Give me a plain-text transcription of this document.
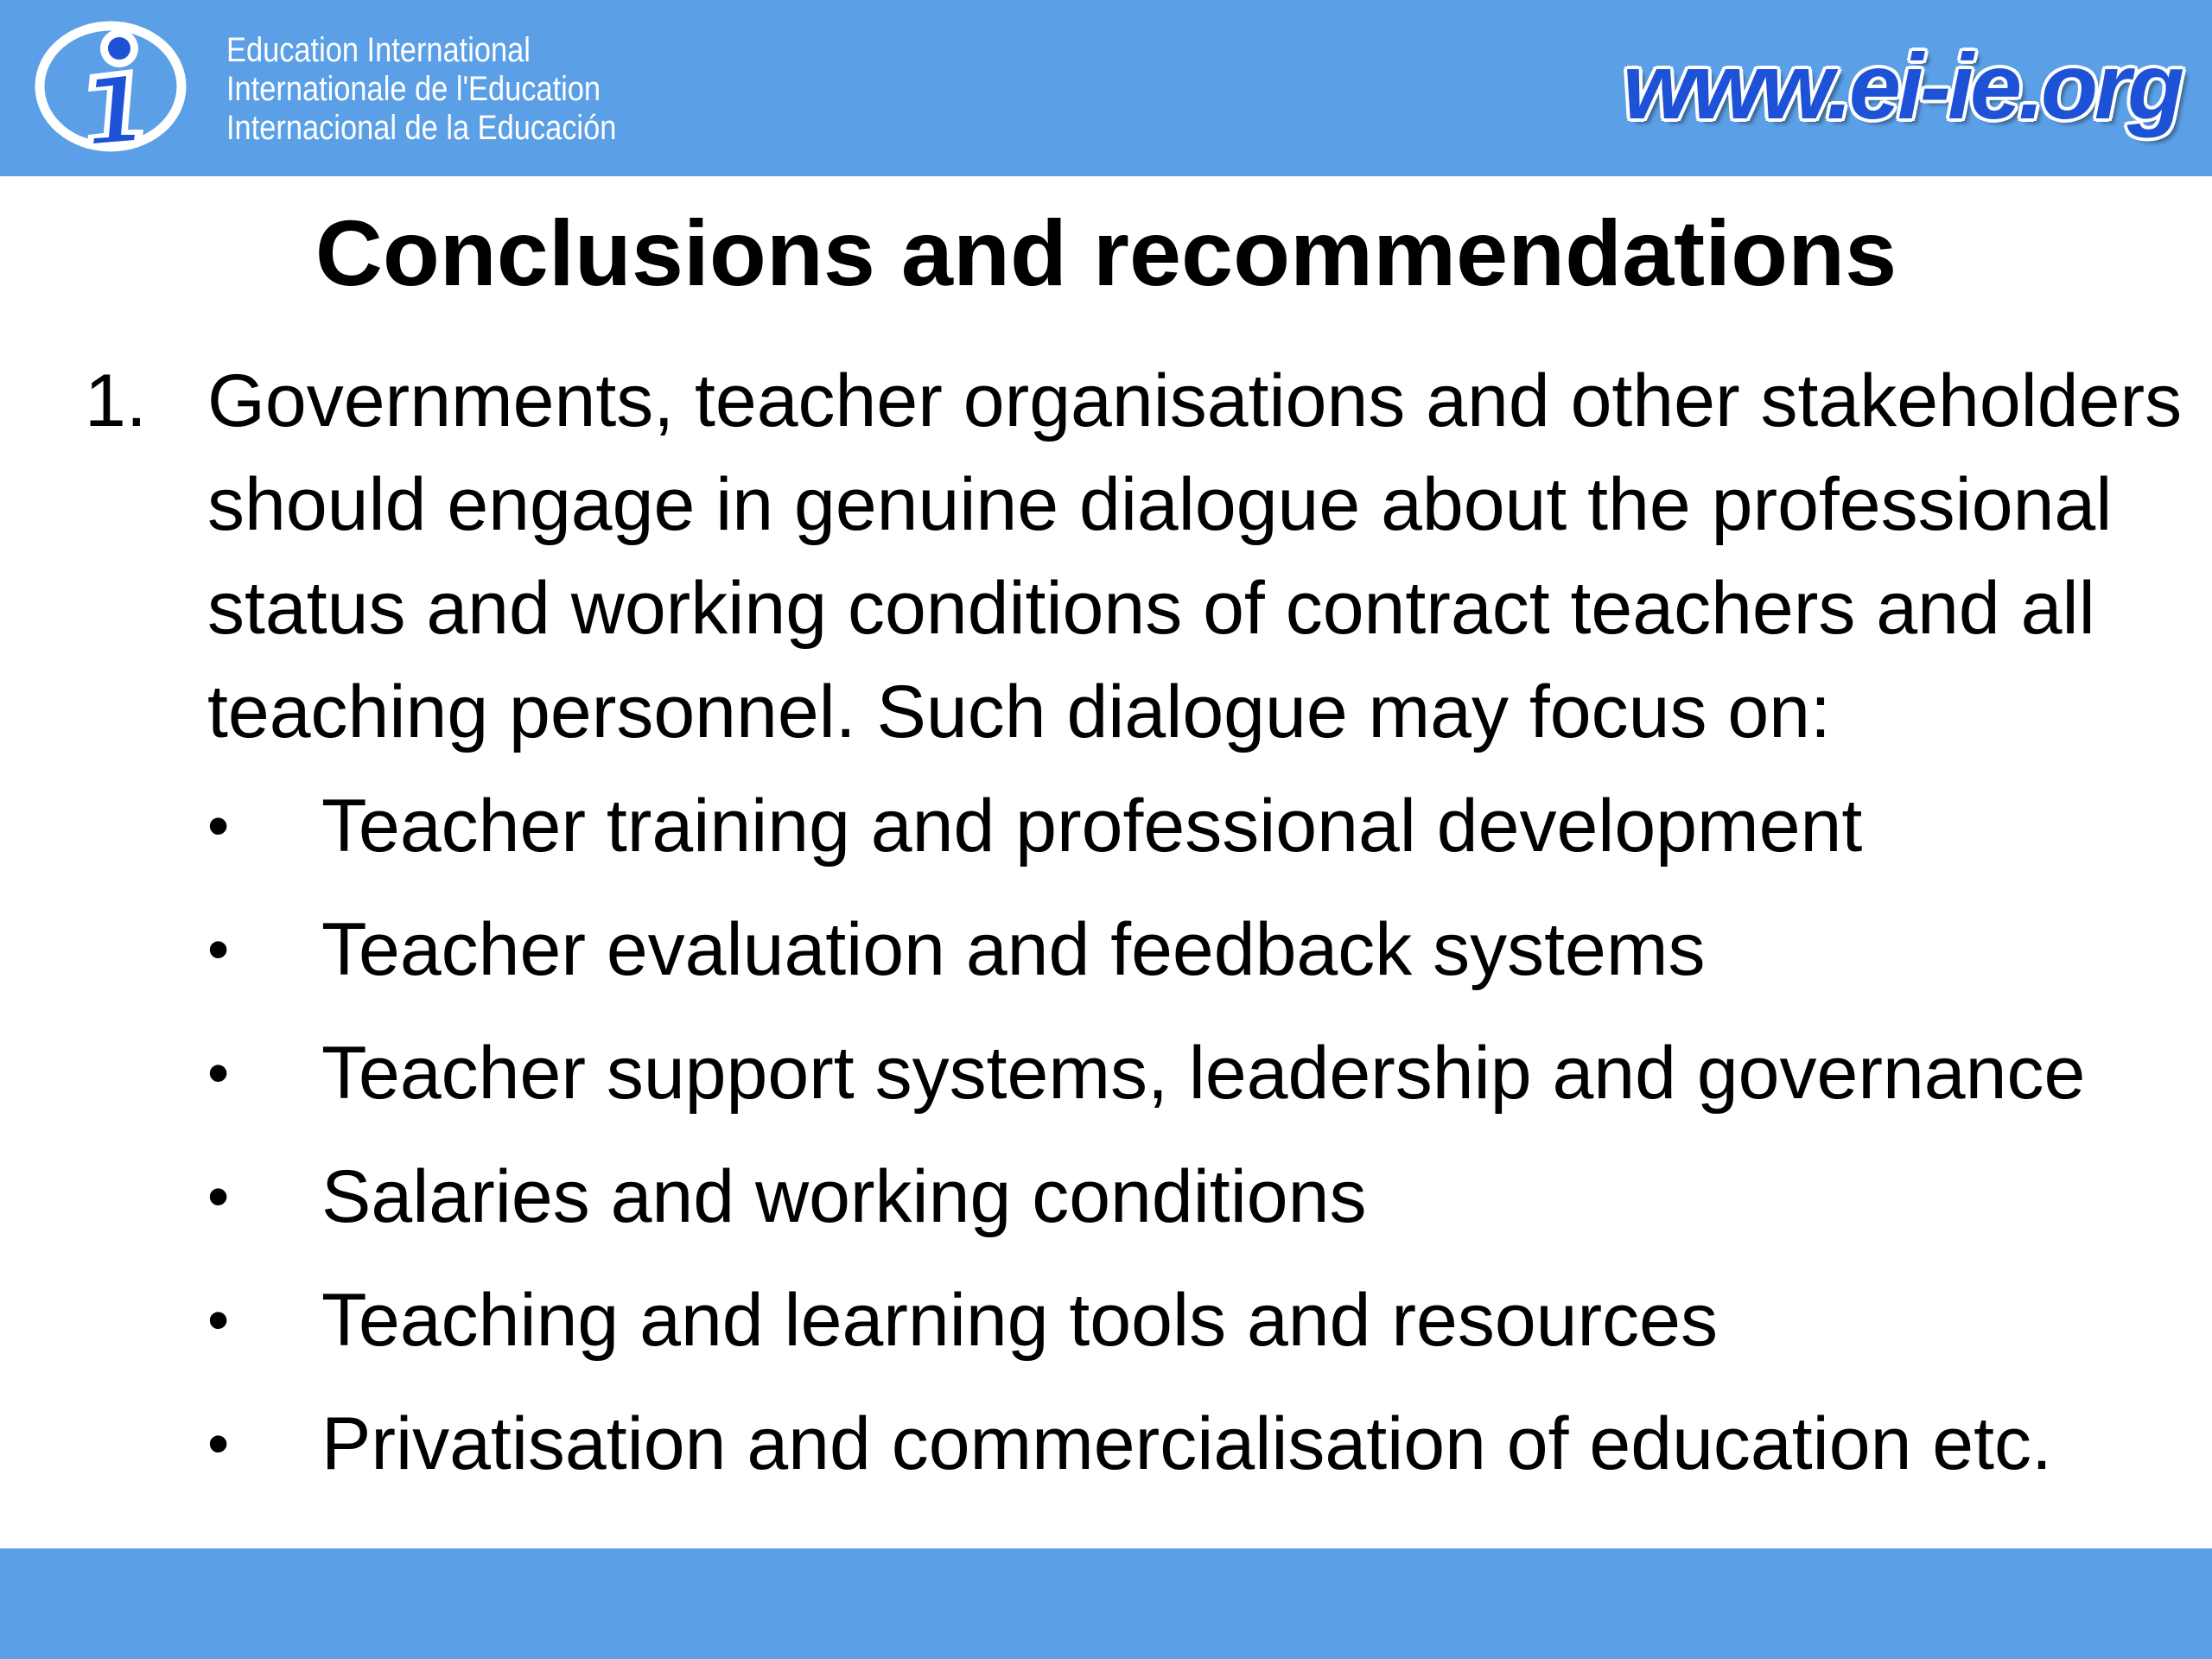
Education International
Internationale de l'Education
Internacional de la Educación	www.ei-ie.org
Conclusions and recommendations
1. Governments, teacher organisations and other stakeholders
should engage in genuine dialogue about the professional
status and working conditions of contract teachers and all
teaching personnel. Such dialogue may focus on:

• Teacher training and professional development
• Teacher evaluation and feedback systems
• Teacher support systems, leadership and governance
• Salaries and working conditions
• Teaching and learning tools and resources
• Privatisation and commercialisation of education etc.
